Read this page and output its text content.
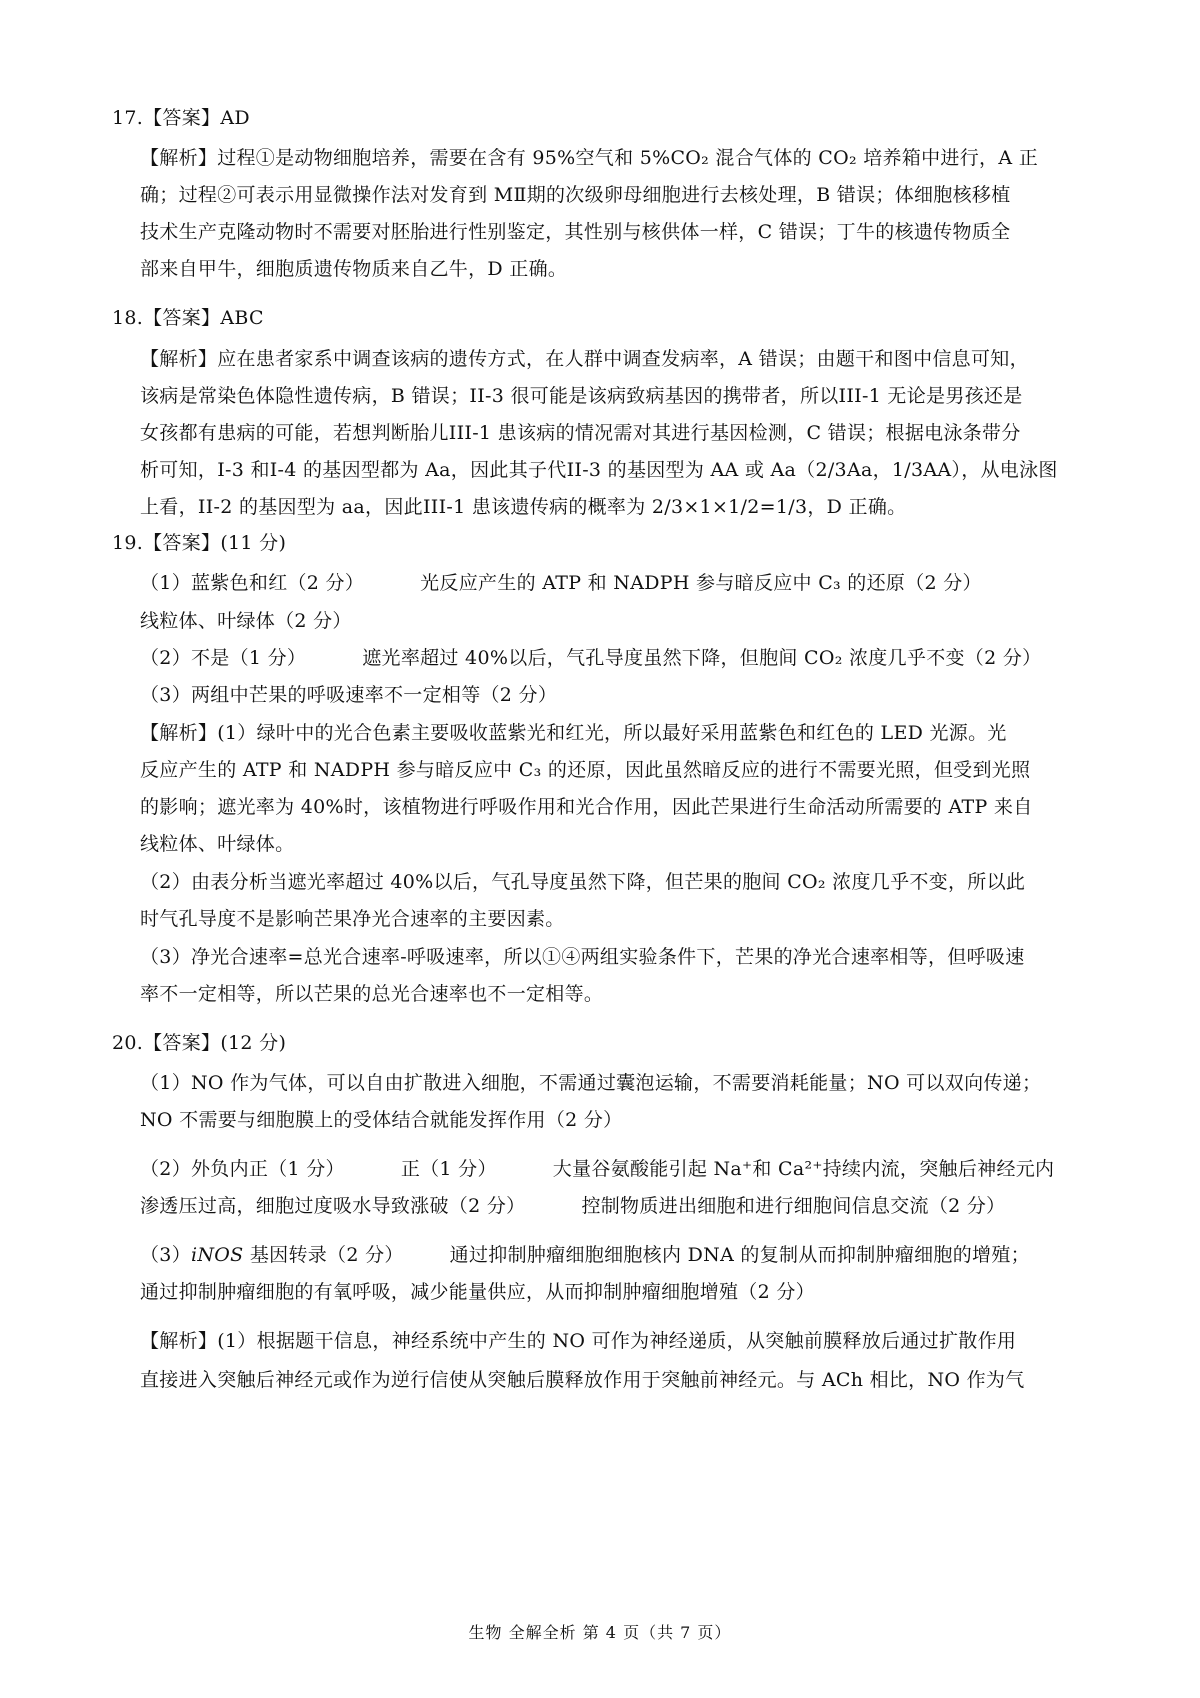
17.【答案】AD
【解析】过程①是动物细胞培养，需要在含有 95%空气和 5%CO₂ 混合气体的 CO₂ 培养箱中进行，A 正
确；过程②可表示用显微操作法对发育到 MⅡ期的次级卵母细胞进行去核处理，B 错误；体细胞核移植
技术生产克隆动物时不需要对胚胎进行性别鉴定，其性别与核供体一样，C 错误；丁牛的核遗传物质全
部来自甲牛，细胞质遗传物质来自乙牛，D 正确。
18.【答案】ABC
【解析】应在患者家系中调查该病的遗传方式，在人群中调查发病率，A 错误；由题干和图中信息可知，
该病是常染色体隐性遗传病，B 错误；II-3 很可能是该病致病基因的携带者，所以III-1 无论是男孩还是
女孩都有患病的可能，若想判断胎儿III-1 患该病的情况需对其进行基因检测，C 错误；根据电泳条带分
析可知，I-3 和I-4 的基因型都为 Aa，因此其子代II-3 的基因型为 AA 或 Aa（2/3Aa，1/3AA），从电泳图
上看，II-2 的基因型为 aa，因此III-1 患该遗传病的概率为 2/3×1×1/2=1/3，D 正确。
19.【答案】(11 分)
（1）蓝紫色和红（2 分）	光反应产生的 ATP 和 NADPH 参与暗反应中 C₃ 的还原（2 分）
线粒体、叶绿体（2 分）
（2）不是（1 分）	遮光率超过 40%以后，气孔导度虽然下降，但胞间 CO₂ 浓度几乎不变（2 分）
（3）两组中芒果的呼吸速率不一定相等（2 分）
【解析】(1）绿叶中的光合色素主要吸收蓝紫光和红光，所以最好采用蓝紫色和红色的 LED 光源。光
反应产生的 ATP 和 NADPH 参与暗反应中 C₃ 的还原，因此虽然暗反应的进行不需要光照，但受到光照
的影响；遮光率为 40%时，该植物进行呼吸作用和光合作用，因此芒果进行生命活动所需要的 ATP 来自
线粒体、叶绿体。
（2）由表分析当遮光率超过 40%以后，气孔导度虽然下降，但芒果的胞间 CO₂ 浓度几乎不变，所以此
时气孔导度不是影响芒果净光合速率的主要因素。
（3）净光合速率=总光合速率-呼吸速率，所以①④两组实验条件下，芒果的净光合速率相等，但呼吸速
率不一定相等，所以芒果的总光合速率也不一定相等。
20.【答案】(12 分)
（1）NO 作为气体，可以自由扩散进入细胞，不需通过囊泡运输，不需要消耗能量；NO 可以双向传递；
NO 不需要与细胞膜上的受体结合就能发挥作用（2 分）
（2）外负内正（1 分）	正（1 分）	大量谷氨酸能引起 Na⁺和 Ca²⁺持续内流，突触后神经元内
渗透压过高，细胞过度吸水导致涨破（2 分）	控制物质进出细胞和进行细胞间信息交流（2 分）
（3）iNOS 基因转录（2 分） 通过抑制肿瘤细胞细胞核内 DNA 的复制从而抑制肿瘤细胞的增殖；
通过抑制肿瘤细胞的有氧呼吸，减少能量供应，从而抑制肿瘤细胞增殖（2 分）
【解析】(1）根据题干信息，神经系统中产生的 NO 可作为神经递质，从突触前膜释放后通过扩散作用
直接进入突触后神经元或作为逆行信使从突触后膜释放作用于突触前神经元。与 ACh 相比，NO 作为气
生物 全解全析 第 4 页（共 7 页）
